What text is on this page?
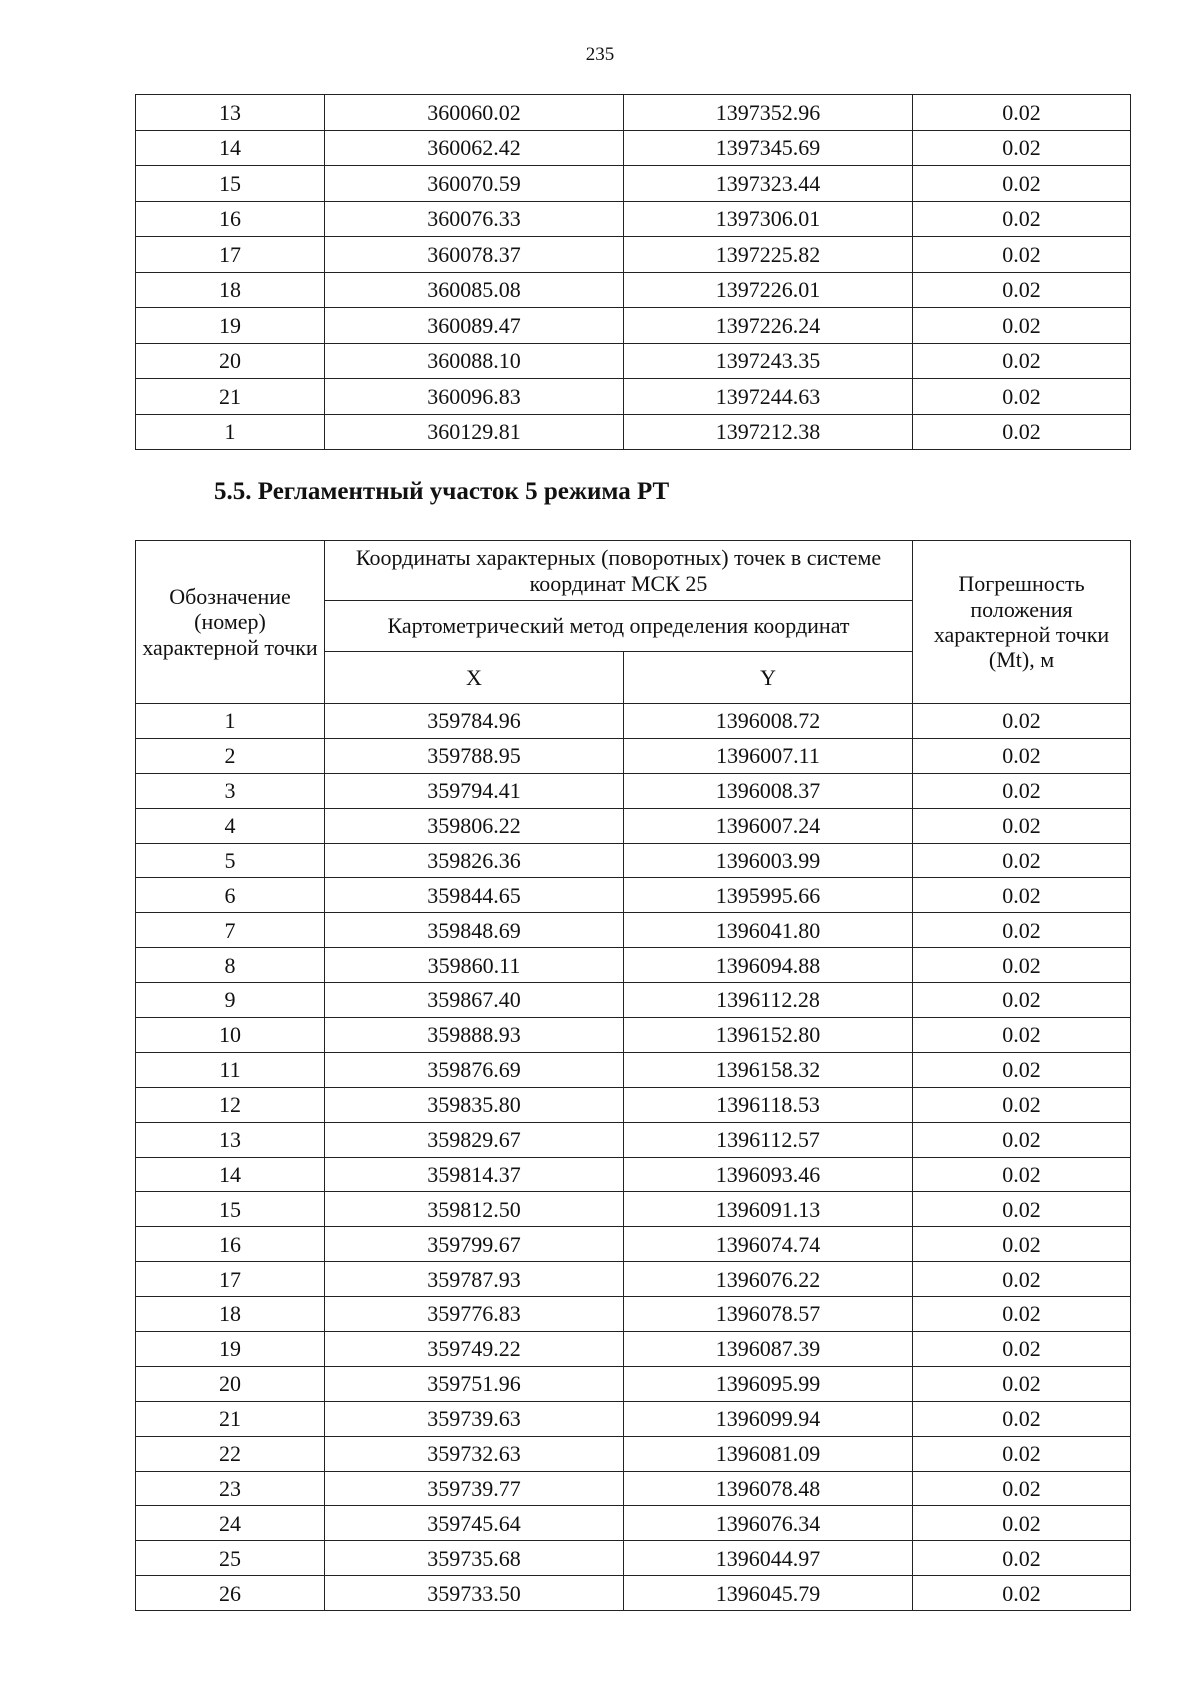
235
13	360060.02	1397352.96	0.02
14	360062.42	1397345.69	0.02
15	360070.59	1397323.44	0.02
16	360076.33	1397306.01	0.02
17	360078.37	1397225.82	0.02
18	360085.08	1397226.01	0.02
19	360089.47	1397226.24	0.02
20	360088.10	1397243.35	0.02
21	360096.83	1397244.63	0.02
1	360129.81	1397212.38	0.02
5.5. Регламентный участок 5 режима РТ
Обозначение (номер) характерной точки	Координаты характерных (поворотных) точек в системе координат МСК 25		Погрешность положения характерной точки (Mt), м
	Картометрический метод определения координат		
	X	Y	
1	359784.96	1396008.72	0.02
2	359788.95	1396007.11	0.02
3	359794.41	1396008.37	0.02
4	359806.22	1396007.24	0.02
5	359826.36	1396003.99	0.02
6	359844.65	1395995.66	0.02
7	359848.69	1396041.80	0.02
8	359860.11	1396094.88	0.02
9	359867.40	1396112.28	0.02
10	359888.93	1396152.80	0.02
11	359876.69	1396158.32	0.02
12	359835.80	1396118.53	0.02
13	359829.67	1396112.57	0.02
14	359814.37	1396093.46	0.02
15	359812.50	1396091.13	0.02
16	359799.67	1396074.74	0.02
17	359787.93	1396076.22	0.02
18	359776.83	1396078.57	0.02
19	359749.22	1396087.39	0.02
20	359751.96	1396095.99	0.02
21	359739.63	1396099.94	0.02
22	359732.63	1396081.09	0.02
23	359739.77	1396078.48	0.02
24	359745.64	1396076.34	0.02
25	359735.68	1396044.97	0.02
26	359733.50	1396045.79	0.02
